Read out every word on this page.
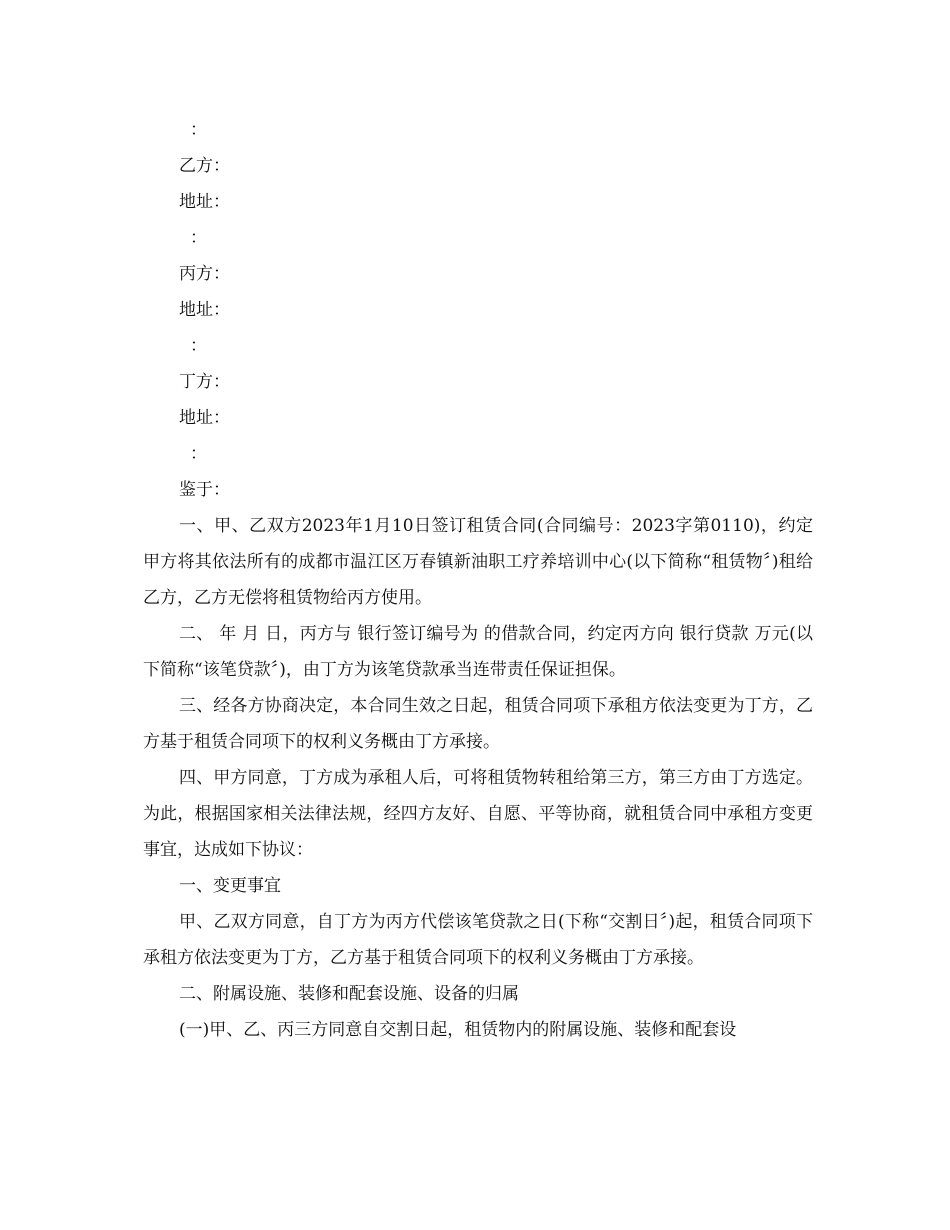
：

乙方：

地址：

：

丙方：

地址：

：

丁方：

地址：

：

鉴于：

一、甲、乙双方2023年1月10日签订租赁合同(合同编号：2023字第0110)，约定甲方将其依法所有的成都市温江区万春镇新油职工疗养培训中心(以下简称“租赁物〞)租给乙方，乙方无偿将租赁物给丙方使用。

二、 年 月 日，丙方与 银行签订编号为 的借款合同，约定丙方向 银行贷款 万元(以下简称“该笔贷款〞)，由丁方为该笔贷款承当连带责任保证担保。

三、经各方协商决定，本合同生效之日起，租赁合同项下承租方依法变更为丁方，乙方基于租赁合同项下的权利义务概由丁方承接。

四、甲方同意，丁方成为承租人后，可将租赁物转租给第三方，第三方由丁方选定。为此，根据国家相关法律法规，经四方友好、自愿、平等协商，就租赁合同中承租方变更事宜，达成如下协议：

一、变更事宜

甲、乙双方同意，自丁方为丙方代偿该笔贷款之日(下称“交割日〞)起，租赁合同项下承租方依法变更为丁方，乙方基于租赁合同项下的权利义务概由丁方承接。

二、附属设施、装修和配套设施、设备的归属

(一)甲、乙、丙三方同意自交割日起，租赁物内的附属设施、装修和配套设
